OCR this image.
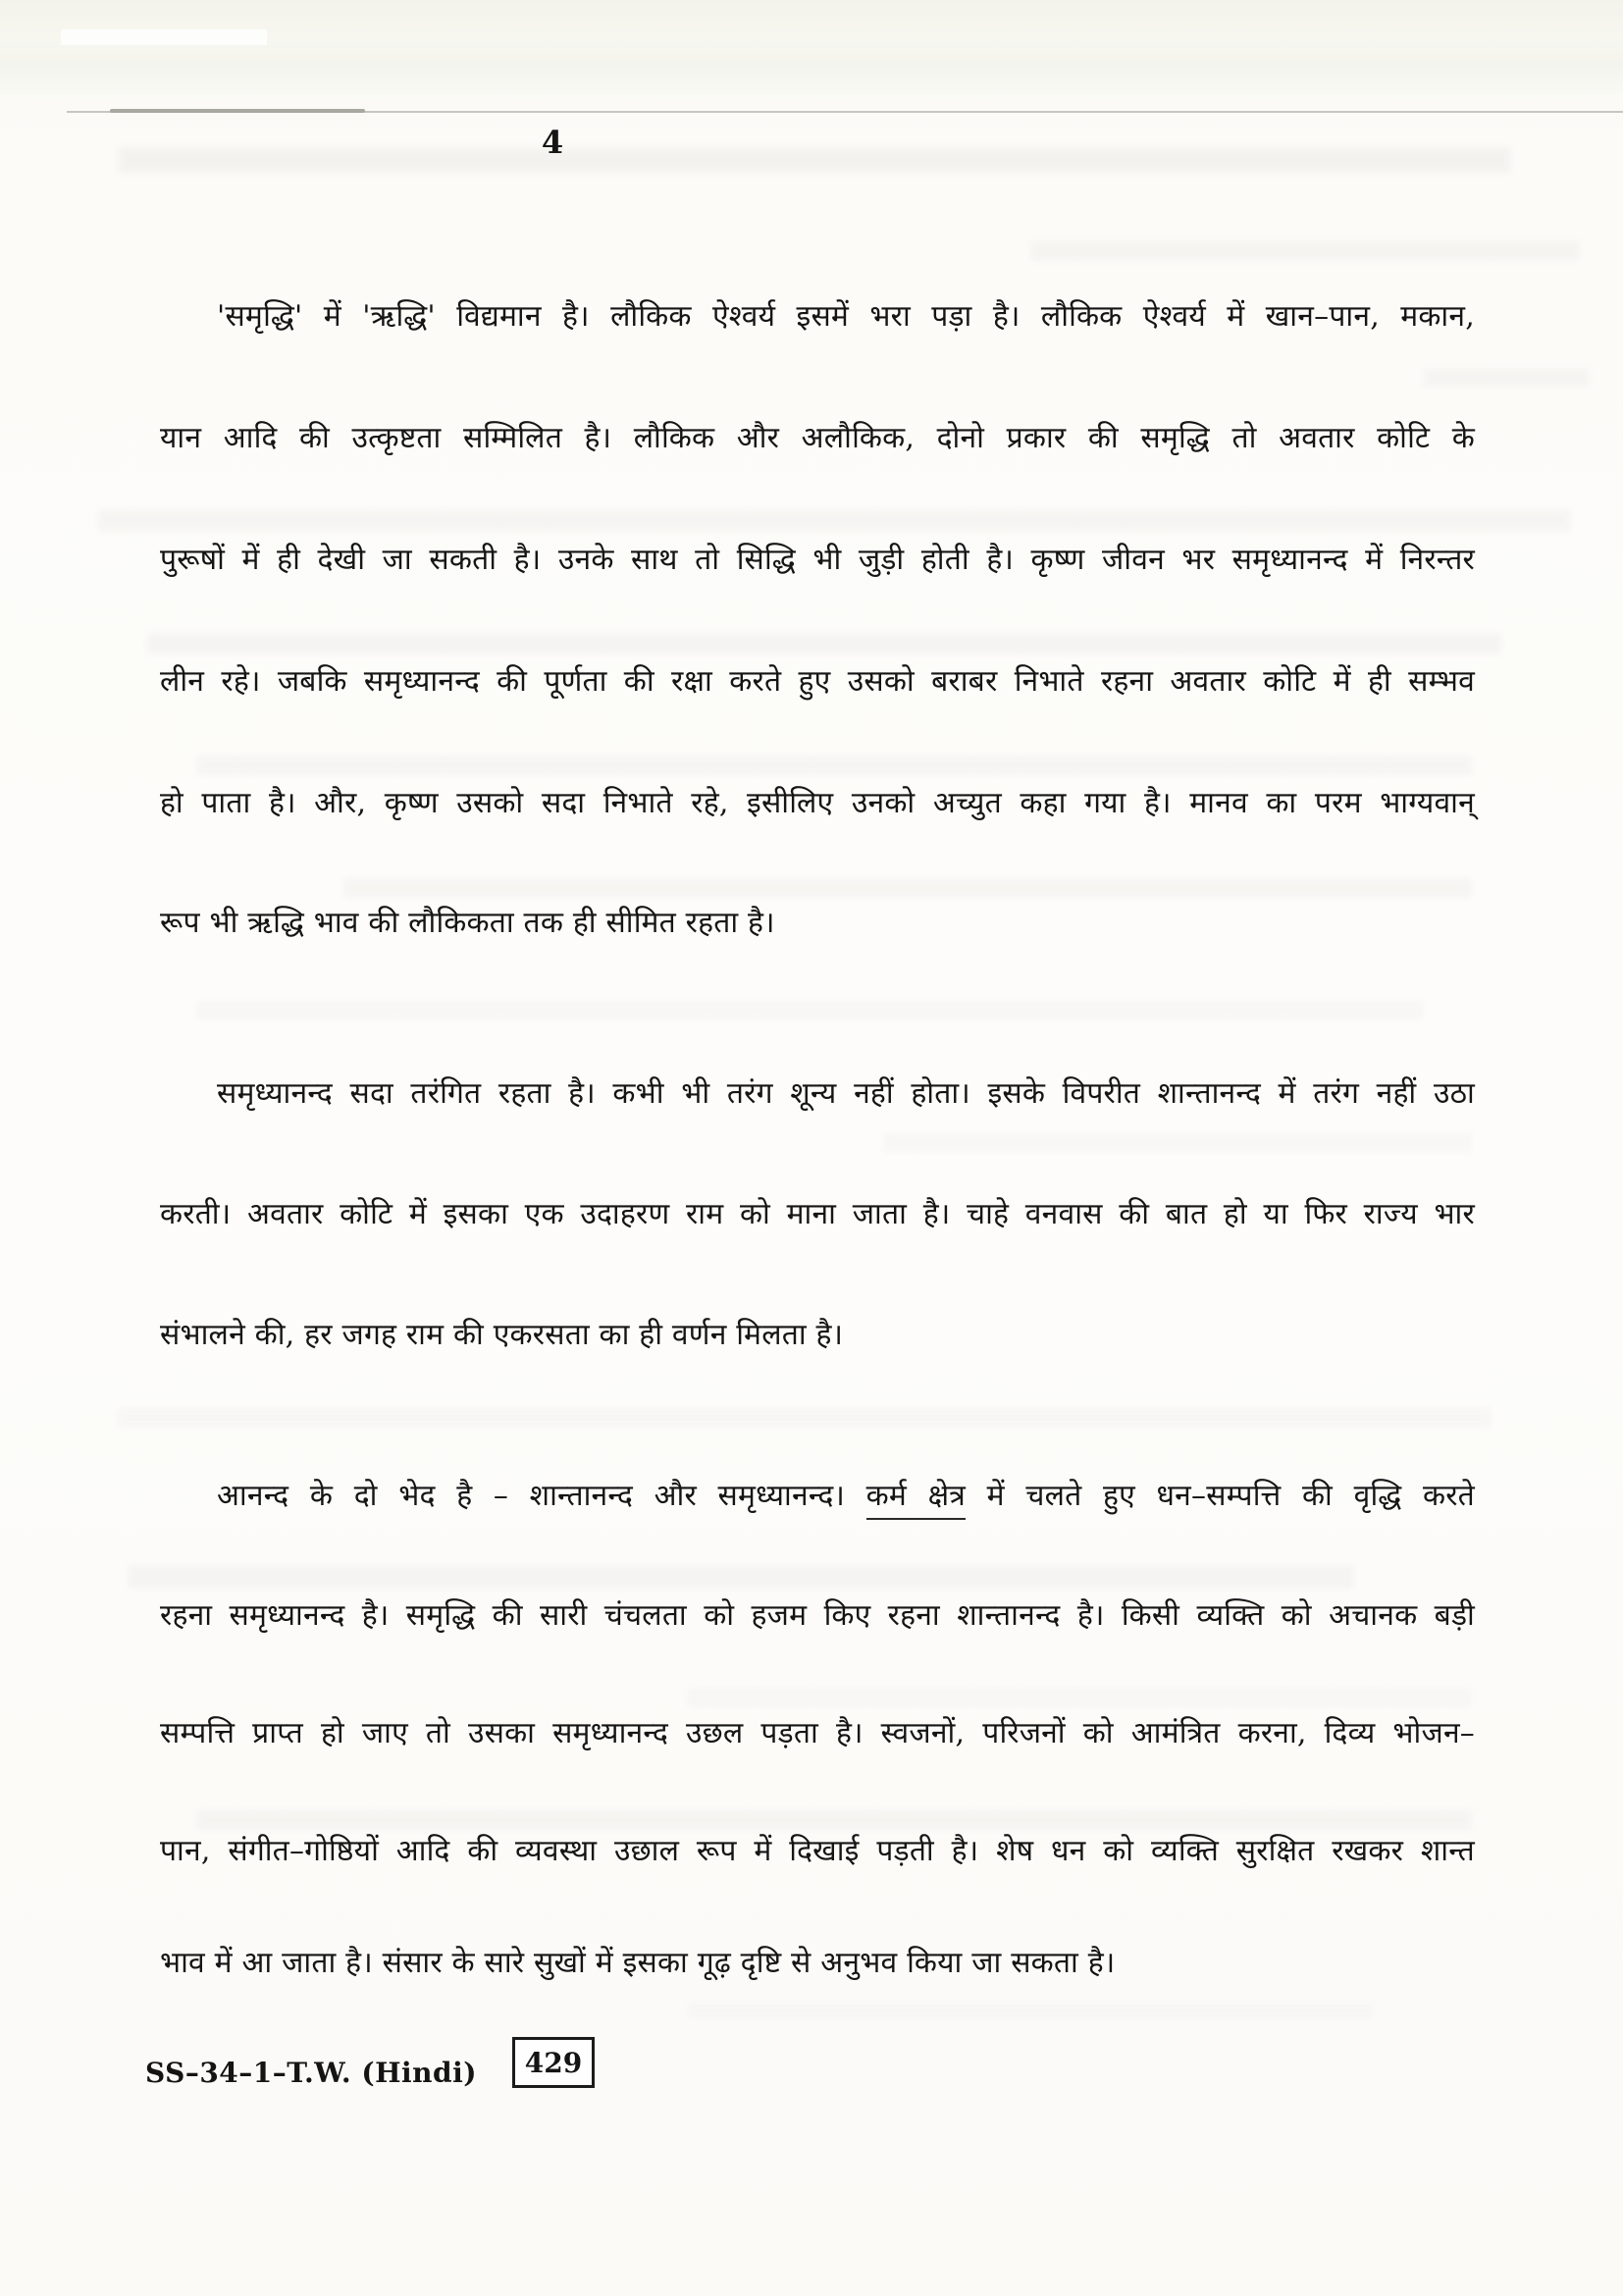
4
'समृद्धि' में 'ऋद्धि' विद्यमान है। लौकिक ऐश्वर्य इसमें भरा पड़ा है। लौकिक ऐश्वर्य में खान–पान, मकान,
यान आदि की उत्कृष्टता सम्मिलित है। लौकिक और अलौकिक, दोनो प्रकार की समृद्धि तो अवतार कोटि के
पुरूषों में ही देखी जा सकती है। उनके साथ तो सिद्धि भी जुड़ी होती है। कृष्ण जीवन भर समृध्यानन्द में निरन्तर
लीन रहे। जबकि समृध्यानन्द की पूर्णता की रक्षा करते हुए उसको बराबर निभाते रहना अवतार कोटि में ही सम्भव
हो पाता है। और, कृष्ण उसको सदा निभाते रहे, इसीलिए उनको अच्युत कहा गया है। मानव का परम भाग्यवान्
रूप भी ऋद्धि भाव की लौकिकता तक ही सीमित रहता है।
समृध्यानन्द सदा तरंगित रहता है। कभी भी तरंग शून्य नहीं होता। इसके विपरीत शान्तानन्द में तरंग नहीं उठा
करती। अवतार कोटि में इसका एक उदाहरण राम को माना जाता है। चाहे वनवास की बात हो या फिर राज्य भार
संभालने की, हर जगह राम की एकरसता का ही वर्णन मिलता है।
आनन्द के दो भेद है – शान्तानन्द और समृध्यानन्द। कर्म क्षेत्र में चलते हुए धन–सम्पत्ति की वृद्धि करते
रहना समृध्यानन्द है। समृद्धि की सारी चंचलता को हजम किए रहना शान्तानन्द है। किसी व्यक्ति को अचानक बड़ी
सम्पत्ति प्राप्त हो जाए तो उसका समृध्यानन्द उछल पड़ता है। स्वजनों, परिजनों को आमंत्रित करना, दिव्य भोजन–
पान, संगीत–गोष्ठियों आदि की व्यवस्था उछाल रूप में दिखाई पड़ती है। शेष धन को व्यक्ति सुरक्षित रखकर शान्त
भाव में आ जाता है। संसार के सारे सुखों में इसका गूढ़ दृष्टि से अनुभव किया जा सकता है।
SS–34–1–T.W. (Hindi) 429
